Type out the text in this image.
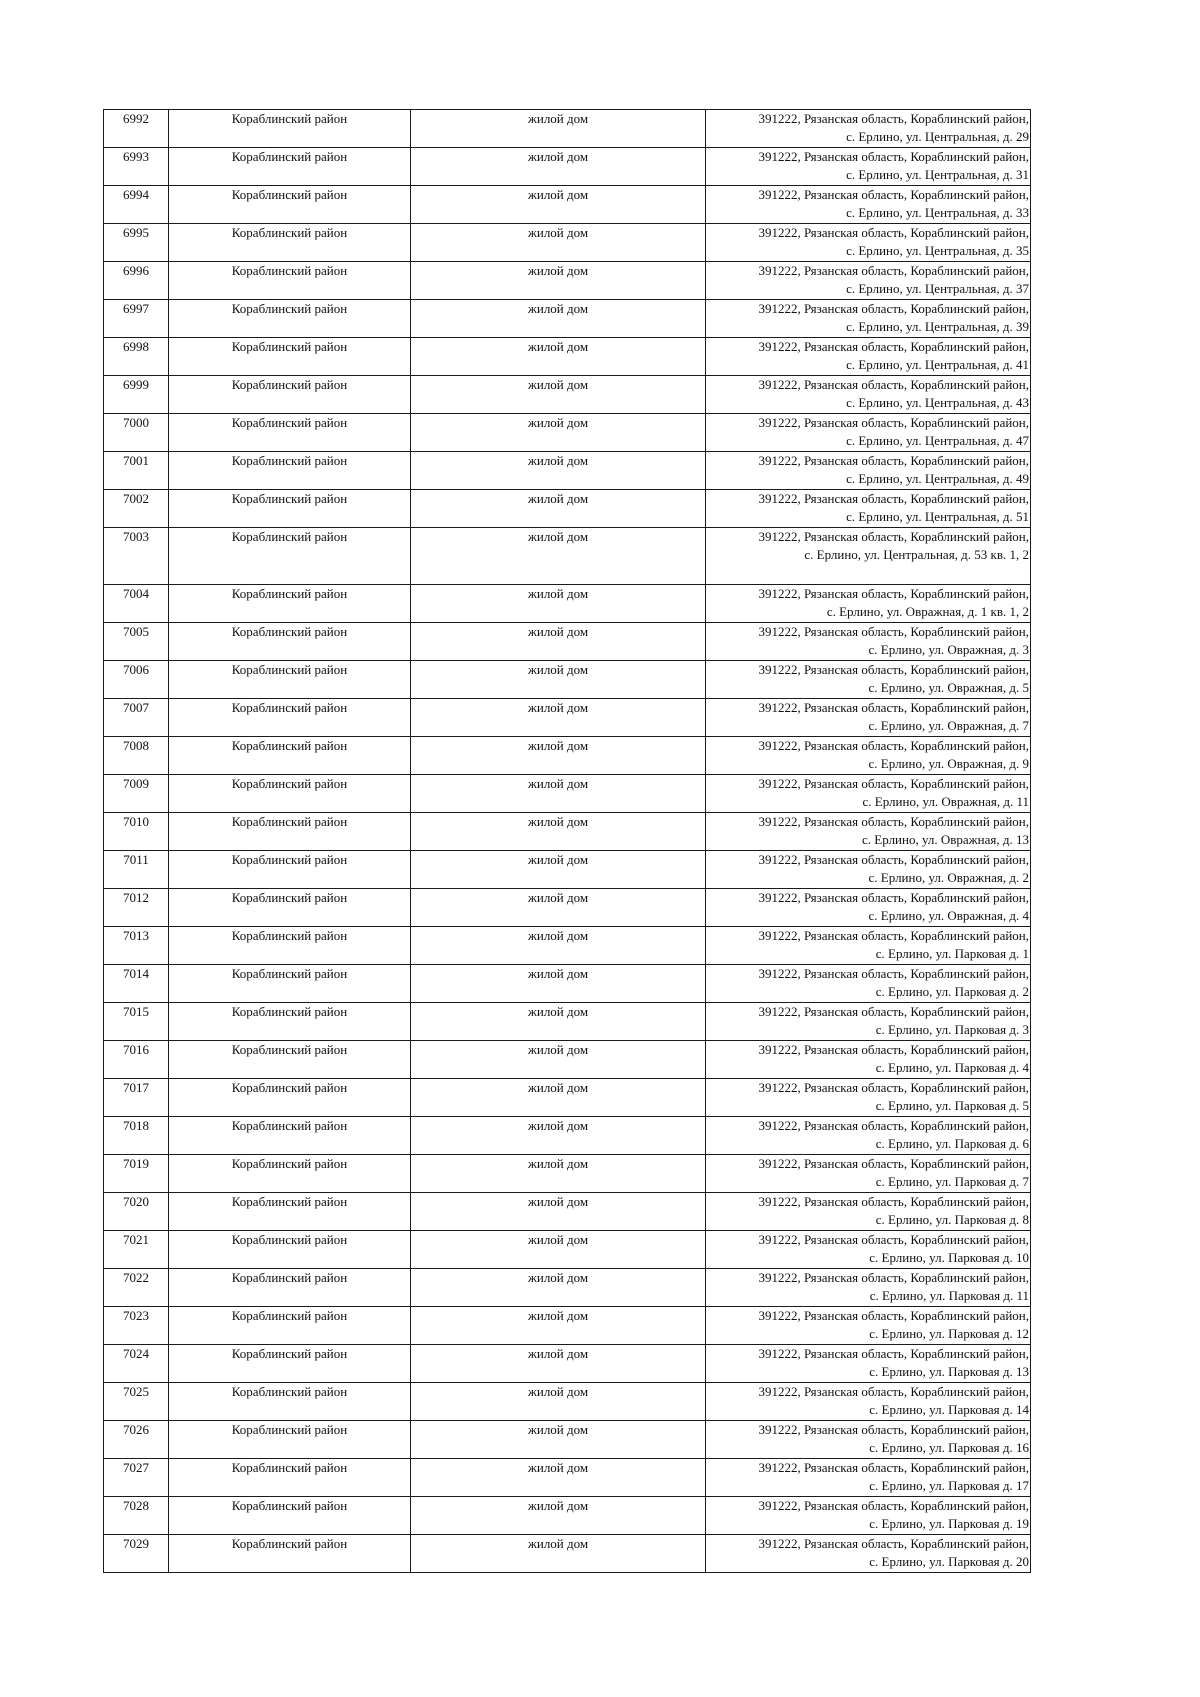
6992	Кораблинский район	жилой дом	391222, Рязанская область, Кораблинский район,
с. Ерлино, ул. Центральная, д. 29

6993	Кораблинский район	жилой дом	391222, Рязанская область, Кораблинский район,
с. Ерлино, ул. Центральная, д. 31

6994	Кораблинский район	жилой дом	391222, Рязанская область, Кораблинский район,
с. Ерлино, ул. Центральная, д. 33

6995	Кораблинский район	жилой дом	391222, Рязанская область, Кораблинский район,
с. Ерлино, ул. Центральная, д. 35

6996	Кораблинский район	жилой дом	391222, Рязанская область, Кораблинский район,
с. Ерлино, ул. Центральная, д. 37

6997	Кораблинский район	жилой дом	391222, Рязанская область, Кораблинский район,
с. Ерлино, ул. Центральная, д. 39

6998	Кораблинский район	жилой дом	391222, Рязанская область, Кораблинский район,
с. Ерлино, ул. Центральная, д. 41

6999	Кораблинский район	жилой дом	391222, Рязанская область, Кораблинский район,
с. Ерлино, ул. Центральная, д. 43

7000	Кораблинский район	жилой дом	391222, Рязанская область, Кораблинский район,
с. Ерлино, ул. Центральная, д. 47

7001	Кораблинский район	жилой дом	391222, Рязанская область, Кораблинский район,
с. Ерлино, ул. Центральная, д. 49

7002	Кораблинский район	жилой дом	391222, Рязанская область, Кораблинский район,
с. Ерлино, ул. Центральная, д. 51

7003	Кораблинский район	жилой дом	391222, Рязанская область, Кораблинский район,
с. Ерлино, ул. Центральная, д. 53 кв. 1, 2

7004	Кораблинский район	жилой дом	391222, Рязанская область, Кораблинский район,
с. Ерлино, ул. Овражная, д. 1 кв. 1, 2

7005	Кораблинский район	жилой дом	391222, Рязанская область, Кораблинский район,
с. Ерлино, ул. Овражная, д. 3

7006	Кораблинский район	жилой дом	391222, Рязанская область, Кораблинский район,
с. Ерлино, ул. Овражная, д. 5

7007	Кораблинский район	жилой дом	391222, Рязанская область, Кораблинский район,
с. Ерлино, ул. Овражная, д. 7

7008	Кораблинский район	жилой дом	391222, Рязанская область, Кораблинский район,
с. Ерлино, ул. Овражная, д. 9

7009	Кораблинский район	жилой дом	391222, Рязанская область, Кораблинский район,
с. Ерлино, ул. Овражная, д. 11

7010	Кораблинский район	жилой дом	391222, Рязанская область, Кораблинский район,
с. Ерлино, ул. Овражная, д. 13

7011	Кораблинский район	жилой дом	391222, Рязанская область, Кораблинский район,
с. Ерлино, ул. Овражная, д. 2

7012	Кораблинский район	жилой дом	391222, Рязанская область, Кораблинский район,
с. Ерлино, ул. Овражная, д. 4

7013	Кораблинский район	жилой дом	391222, Рязанская область, Кораблинский район,
с. Ерлино, ул. Парковая д. 1

7014	Кораблинский район	жилой дом	391222, Рязанская область, Кораблинский район,
с. Ерлино, ул. Парковая д. 2

7015	Кораблинский район	жилой дом	391222, Рязанская область, Кораблинский район,
с. Ерлино, ул. Парковая д. 3

7016	Кораблинский район	жилой дом	391222, Рязанская область, Кораблинский район,
с. Ерлино, ул. Парковая д. 4

7017	Кораблинский район	жилой дом	391222, Рязанская область, Кораблинский район,
с. Ерлино, ул. Парковая д. 5

7018	Кораблинский район	жилой дом	391222, Рязанская область, Кораблинский район,
с. Ерлино, ул. Парковая д. 6

7019	Кораблинский район	жилой дом	391222, Рязанская область, Кораблинский район,
с. Ерлино, ул. Парковая д. 7

7020	Кораблинский район	жилой дом	391222, Рязанская область, Кораблинский район,
с. Ерлино, ул. Парковая д. 8

7021	Кораблинский район	жилой дом	391222, Рязанская область, Кораблинский район,
с. Ерлино, ул. Парковая д. 10

7022	Кораблинский район	жилой дом	391222, Рязанская область, Кораблинский район,
с. Ерлино, ул. Парковая д. 11

7023	Кораблинский район	жилой дом	391222, Рязанская область, Кораблинский район,
с. Ерлино, ул. Парковая д. 12

7024	Кораблинский район	жилой дом	391222, Рязанская область, Кораблинский район,
с. Ерлино, ул. Парковая д. 13

7025	Кораблинский район	жилой дом	391222, Рязанская область, Кораблинский район,
с. Ерлино, ул. Парковая д. 14

7026	Кораблинский район	жилой дом	391222, Рязанская область, Кораблинский район,
с. Ерлино, ул. Парковая д. 16

7027	Кораблинский район	жилой дом	391222, Рязанская область, Кораблинский район,
с. Ерлино, ул. Парковая д. 17

7028	Кораблинский район	жилой дом	391222, Рязанская область, Кораблинский район,
с. Ерлино, ул. Парковая д. 19

7029	Кораблинский район	жилой дом	391222, Рязанская область, Кораблинский район,
с. Ерлино, ул. Парковая д. 20
